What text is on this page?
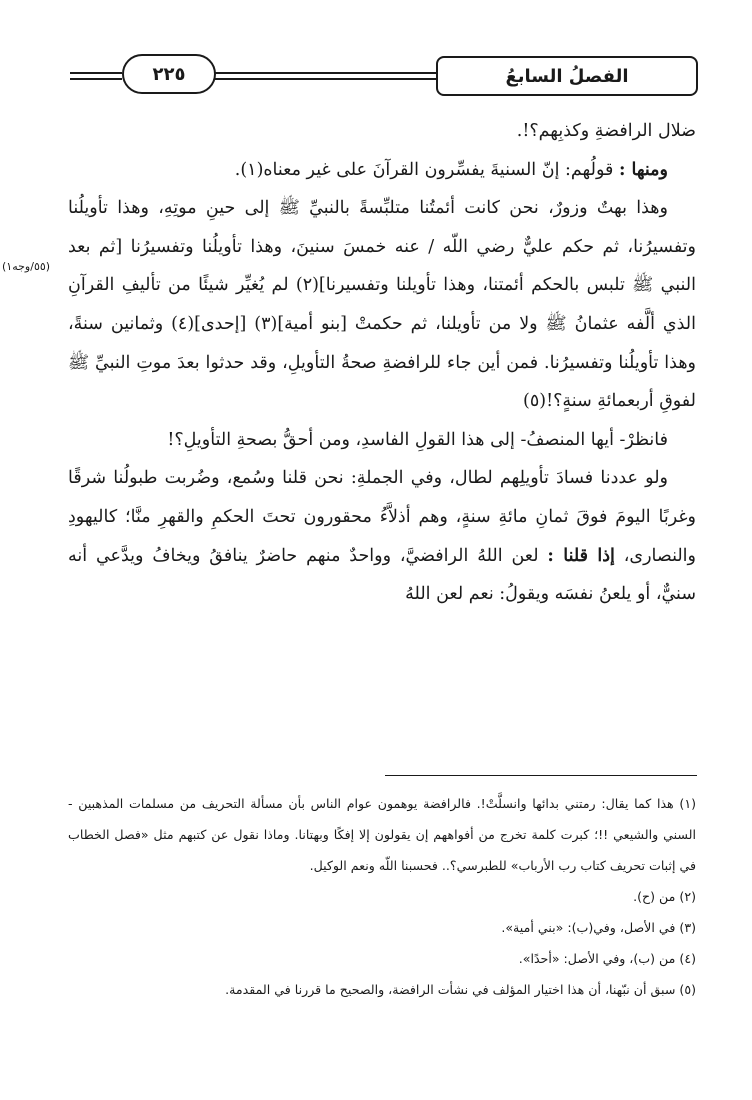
٢٢٥	الفصلُ السابعُ
(٥٥/وجه١)

ضلال الرافضةِ وكذبِهم؟!.

ومنها : قولُهم: إنّ السنيةَ يفسِّرون القرآنَ على غير معناه(١).

وهذا بهتٌ وزورٌ، نحن كانت أئمتُنا متلبِّسةً بالنبيِّ ﷺ إلى حينِ موتِهِ، وهذا تأويلُنا وتفسيرُنا، ثم حكم عليٌّ رضي اللّه / عنه خمسَ سنينَ، وهذا تأويلُنا وتفسيرُنا [ثم بعد النبي ﷺ تلبس بالحكم أئمتنا، وهذا تأويلنا وتفسيرنا](٢) لم يُغيِّر شيئًا من تأليفِ القرآنِ الذي ألَّفه عثمانُ ﷺ ولا من تأويلنا، ثم حكمتْ [بنو أمية](٣) [إحدى](٤) وثمانين سنةً، وهذا تأويلُنا وتفسيرُنا. فمن أين جاء للرافضةِ صحةُ التأويلِ، وقد حدثوا بعدَ موتِ النبيِّ ﷺ لفوقِ أربعمائةِ سنةٍ؟!(٥)

فانظرْ- أيها المنصفُ- إلى هذا القولِ الفاسدِ، ومن أحقُّ بصحةِ التأويلِ؟!

ولو عددنا فسادَ تأويلِهم لطال، وفي الجملةِ: نحن قلنا وسُمع، وضُربت طبولُنا شرقًا وغربًا اليومَ فوقَ ثمانِ مائةِ سنةٍ، وهم أذلاَّءُ محقورون تحتَ الحكمِ والقهرِ منَّا؛ كاليهودِ والنصارى، إذا قلنا : لعن اللهُ الرافضيَّ، وواحدٌ منهم حاضرٌ ينافقُ ويخافُ ويدَّعي أنه سنيٌّ، أو يلعنُ نفسَه ويقولُ: نعم لعن اللهُ

(١) هذا كما يقال: رمتني بدائها وانسلَّتْ!. فالرافضة يوهمون عوام الناس بأن مسألة التحريف من مسلمات المذهبين - السني والشيعي !!؛ كبرت كلمة تخرج من أفواههم إن يقولون إلا إفكًا وبهتانا. وماذا نقول عن كتبهم مثل «فصل الخطاب في إثبات تحريف كتاب رب الأرباب» للطبرسي؟.. فحسبنا اللّه ونعم الوكيل.

(٢) من (ح).

(٣) في الأصل، وفي(ب): «بني أمية».

(٤) من (ب)، وفي الأصل: «أحدًا».

(٥) سبق أن نبّهنا، أن هذا اختيار المؤلف في نشأت الرافضة، والصحيح ما قررنا في المقدمة.
